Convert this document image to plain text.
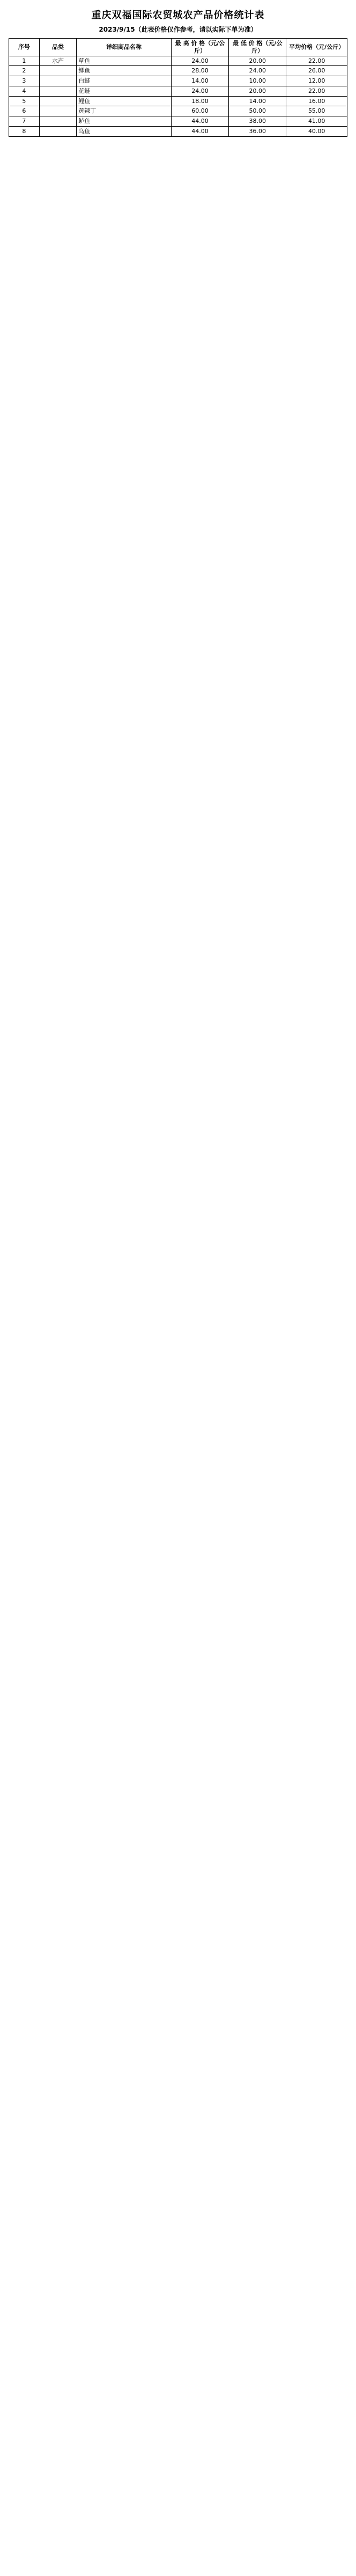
重庆双福国际农贸城农产品价格统计表
2023/9/15（此表价格仅作参考，请以实际下单为准）
序号	品类	详细商品名称	最 高 价 格（元/公斤）	最 低 价 格（元/公斤）	平均价格（元/公斤）
1	水产	草鱼	24.00	20.00	22.00
2		鲫鱼	28.00	24.00	26.00
3		白鲢	14.00	10.00	12.00
4		花鲢	24.00	20.00	22.00
5		鲤鱼	18.00	14.00	16.00
6		黄辣丁	60.00	50.00	55.00
7		鲈鱼	44.00	38.00	41.00
8		乌鱼	44.00	36.00	40.00
